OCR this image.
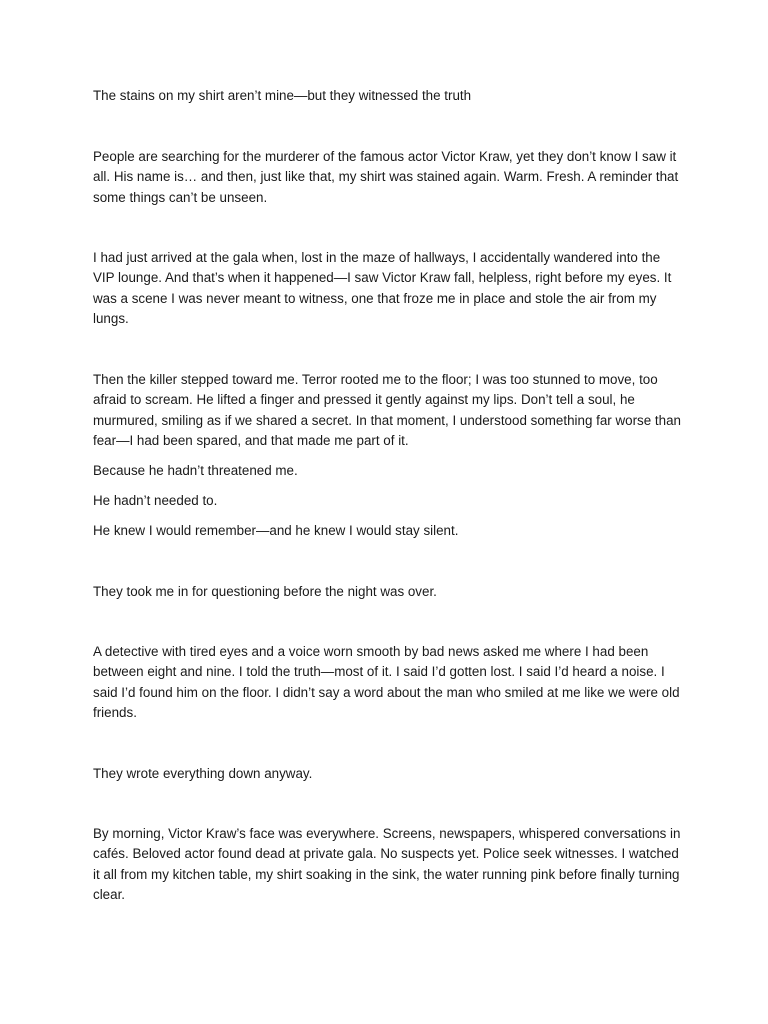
The stains on my shirt aren’t mine—but they witnessed the truth

People are searching for the murderer of the famous actor Victor Kraw, yet they don’t know I saw it all. His name is… and then, just like that, my shirt was stained again. Warm. Fresh. A reminder that some things can’t be unseen.

I had just arrived at the gala when, lost in the maze of hallways, I accidentally wandered into the VIP lounge. And that’s when it happened—I saw Victor Kraw fall, helpless, right before my eyes. It was a scene I was never meant to witness, one that froze me in place and stole the air from my lungs.

Then the killer stepped toward me. Terror rooted me to the floor; I was too stunned to move, too afraid to scream. He lifted a finger and pressed it gently against my lips. Don’t tell a soul, he murmured, smiling as if we shared a secret. In that moment, I understood something far worse than fear—I had been spared, and that made me part of it.

Because he hadn’t threatened me.

He hadn’t needed to.

He knew I would remember—and he knew I would stay silent.

They took me in for questioning before the night was over.

A detective with tired eyes and a voice worn smooth by bad news asked me where I had been between eight and nine. I told the truth—most of it. I said I’d gotten lost. I said I’d heard a noise. I said I’d found him on the floor. I didn’t say a word about the man who smiled at me like we were old friends.

They wrote everything down anyway.

By morning, Victor Kraw’s face was everywhere. Screens, newspapers, whispered conversations in cafés. Beloved actor found dead at private gala. No suspects yet. Police seek witnesses. I watched it all from my kitchen table, my shirt soaking in the sink, the water running pink before finally turning clear.
